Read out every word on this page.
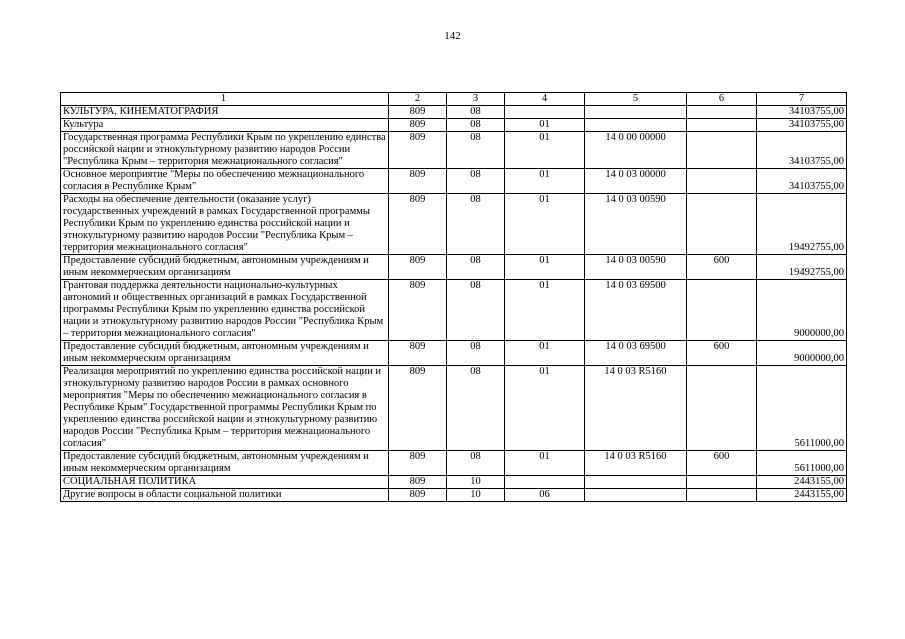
142
1	2	3	4	5	6	7
КУЛЬТУРА, КИНЕМАТОГРАФИЯ	809	08				34103755,00
Культура	809	08	01			34103755,00
Государственная программа Республики Крым по укреплению единства российской нации и этнокультурному развитию народов России "Республика Крым – территория межнационального согласия"	809	08	01	14 0 00 00000		34103755,00
Основное мероприятие "Меры по обеспечению межнационального согласия в Республике Крым"	809	08	01	14 0 03 00000		34103755,00
Расходы на обеспечение деятельности (оказание услуг) государственных учреждений в рамках Государственной программы Республики Крым по укреплению единства российской нации и этнокультурному развитию народов России "Республика Крым – территория межнационального согласия"	809	08	01	14 0 03 00590		19492755,00
Предоставление субсидий бюджетным, автономным учреждениям и иным некоммерческим организациям	809	08	01	14 0 03 00590	600	19492755,00
Грантовая поддержка деятельности национально-культурных автономий и общественных организаций в рамках Государственной программы Республики Крым по укреплению единства российской нации и этнокультурному развитию народов России "Республика Крым – территория межнационального согласия"	809	08	01	14 0 03 69500		9000000,00
Предоставление субсидий бюджетным, автономным учреждениям и иным некоммерческим организациям	809	08	01	14 0 03 69500	600	9000000,00
Реализация мероприятий по укреплению единства российской нации и этнокультурному развитию народов России в рамках основного мероприятия "Меры по обеспечению межнационального согласия в Республике Крым" Государственной программы Республики Крым по укреплению единства российской нации и этнокультурному развитию народов России "Республика Крым – территория межнационального согласия"	809	08	01	14 0 03 R5160		5611000,00
Предоставление субсидий бюджетным, автономным учреждениям и иным некоммерческим организациям	809	08	01	14 0 03 R5160	600	5611000,00
СОЦИАЛЬНАЯ ПОЛИТИКА	809	10				2443155,00
Другие вопросы в области социальной политики	809	10	06			2443155,00
